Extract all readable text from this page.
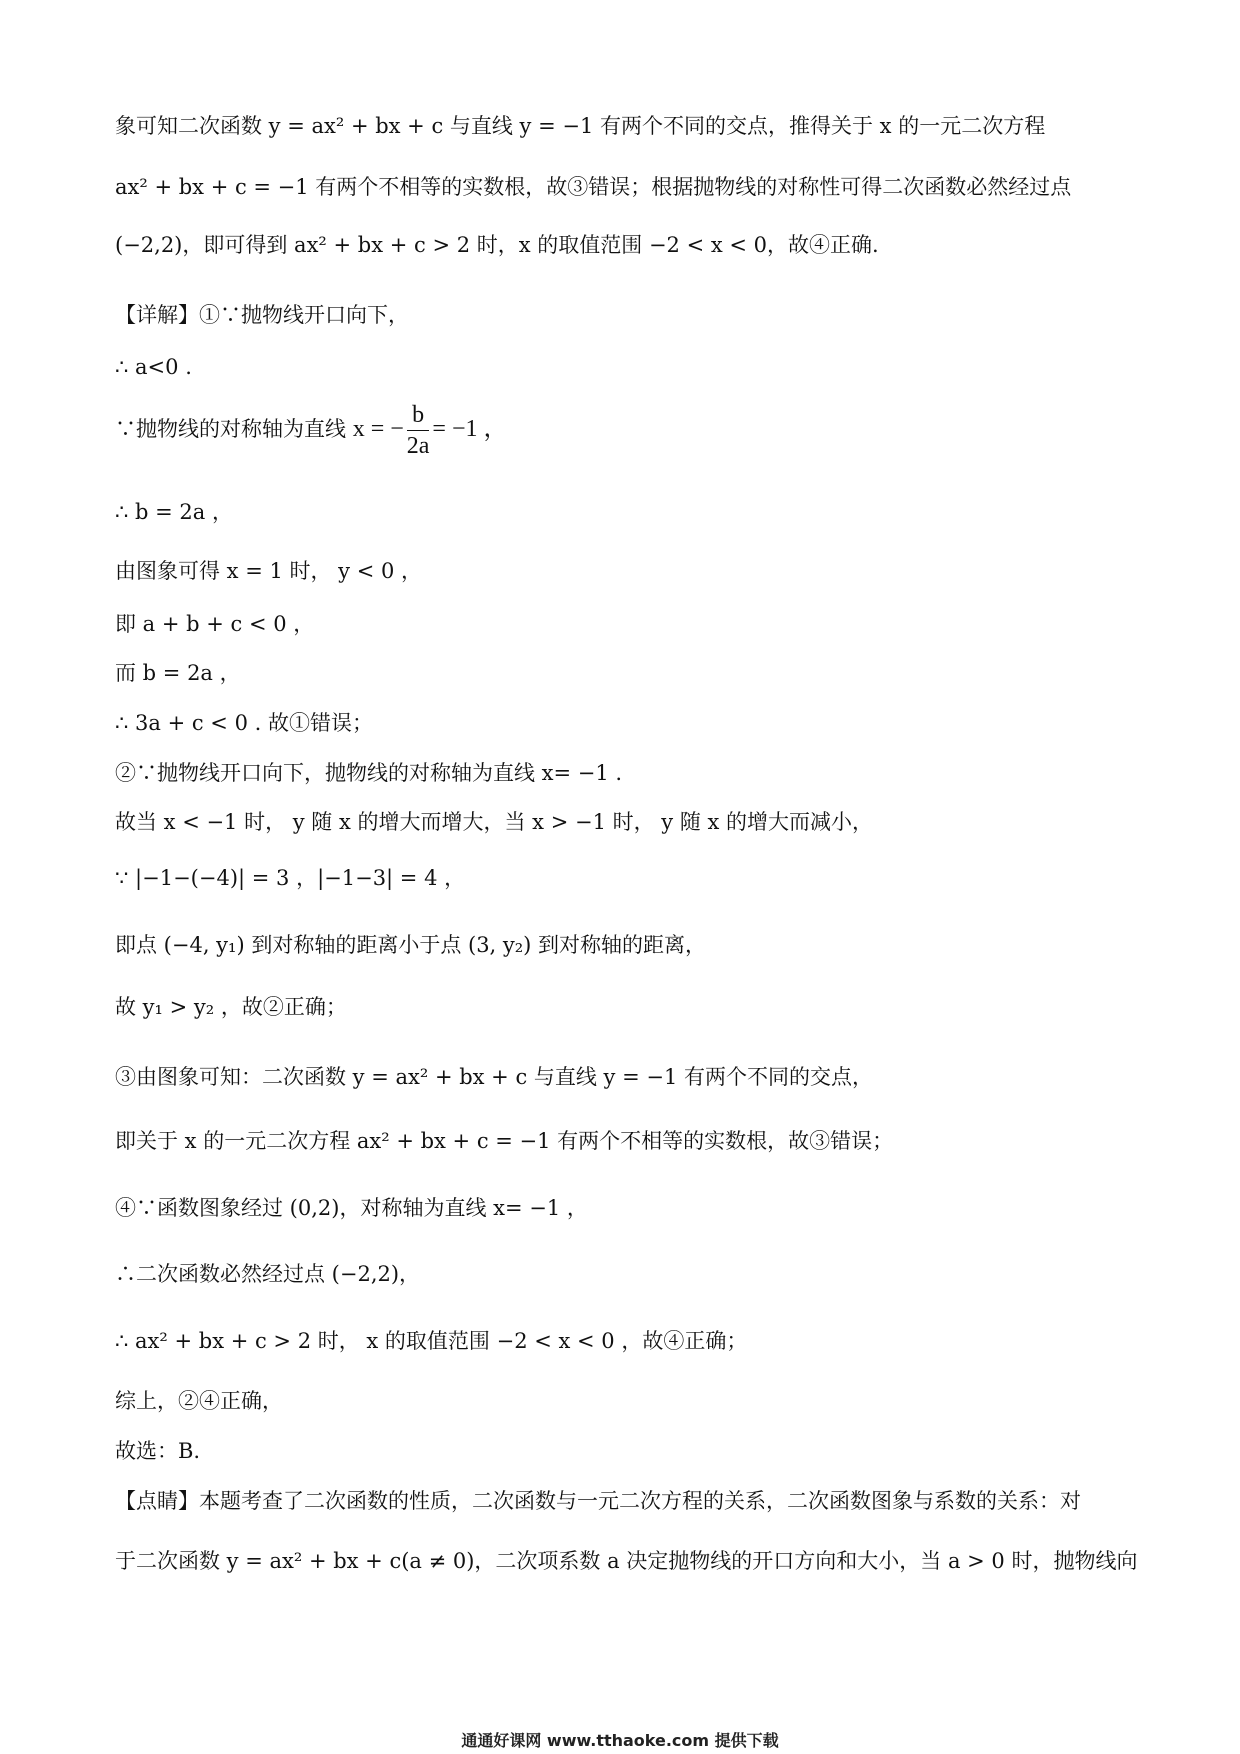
象可知二次函数 y = ax² + bx + c 与直线 y = −1 有两个不同的交点，推得关于 x 的一元二次方程
ax² + bx + c = −1 有两个不相等的实数根，故③错误；根据抛物线的对称性可得二次函数必然经过点
(−2,2)，即可得到 ax² + bx + c > 2 时，x 的取值范围 −2 < x < 0，故④正确.
【详解】①∵抛物线开口向下，
∴ a<0 .
∵抛物线的对称轴为直线 x = − $\frac{b}{2a} = -1$ ，
∴ b = 2a ，
由图象可得 x = 1 时， y < 0 ，
即 a + b + c < 0 ，
而 b = 2a ，
∴ 3a + c < 0 . 故①错误；
②∵抛物线开口向下，抛物线的对称轴为直线 x= −1 .
故当 x < −1 时， y 随 x 的增大而增大，当 x > −1 时， y 随 x 的增大而减小，
∵ |−1−(−4)| = 3 ，|−1−3| = 4 ，
即点 (−4, y₁) 到对称轴的距离小于点 (3, y₂) 到对称轴的距离，
故 y₁ > y₂ ，故②正确；
③由图象可知：二次函数 y = ax² + bx + c 与直线 y = −1 有两个不同的交点，
即关于 x 的一元二次方程 ax² + bx + c = −1 有两个不相等的实数根，故③错误；
④∵函数图象经过 (0,2)，对称轴为直线 x= −1 ，
∴二次函数必然经过点 (−2,2)，
∴ ax² + bx + c > 2 时， x 的取值范围 −2 < x < 0 ，故④正确；
综上，②④正确，
故选：B.
【点睛】本题考查了二次函数的性质，二次函数与一元二次方程的关系，二次函数图象与系数的关系：对
于二次函数 y = ax² + bx + c(a ≠ 0)，二次项系数 a 决定抛物线的开口方向和大小，当 a > 0 时，抛物线向
通通好课网 www.tthaoke.com 提供下载
